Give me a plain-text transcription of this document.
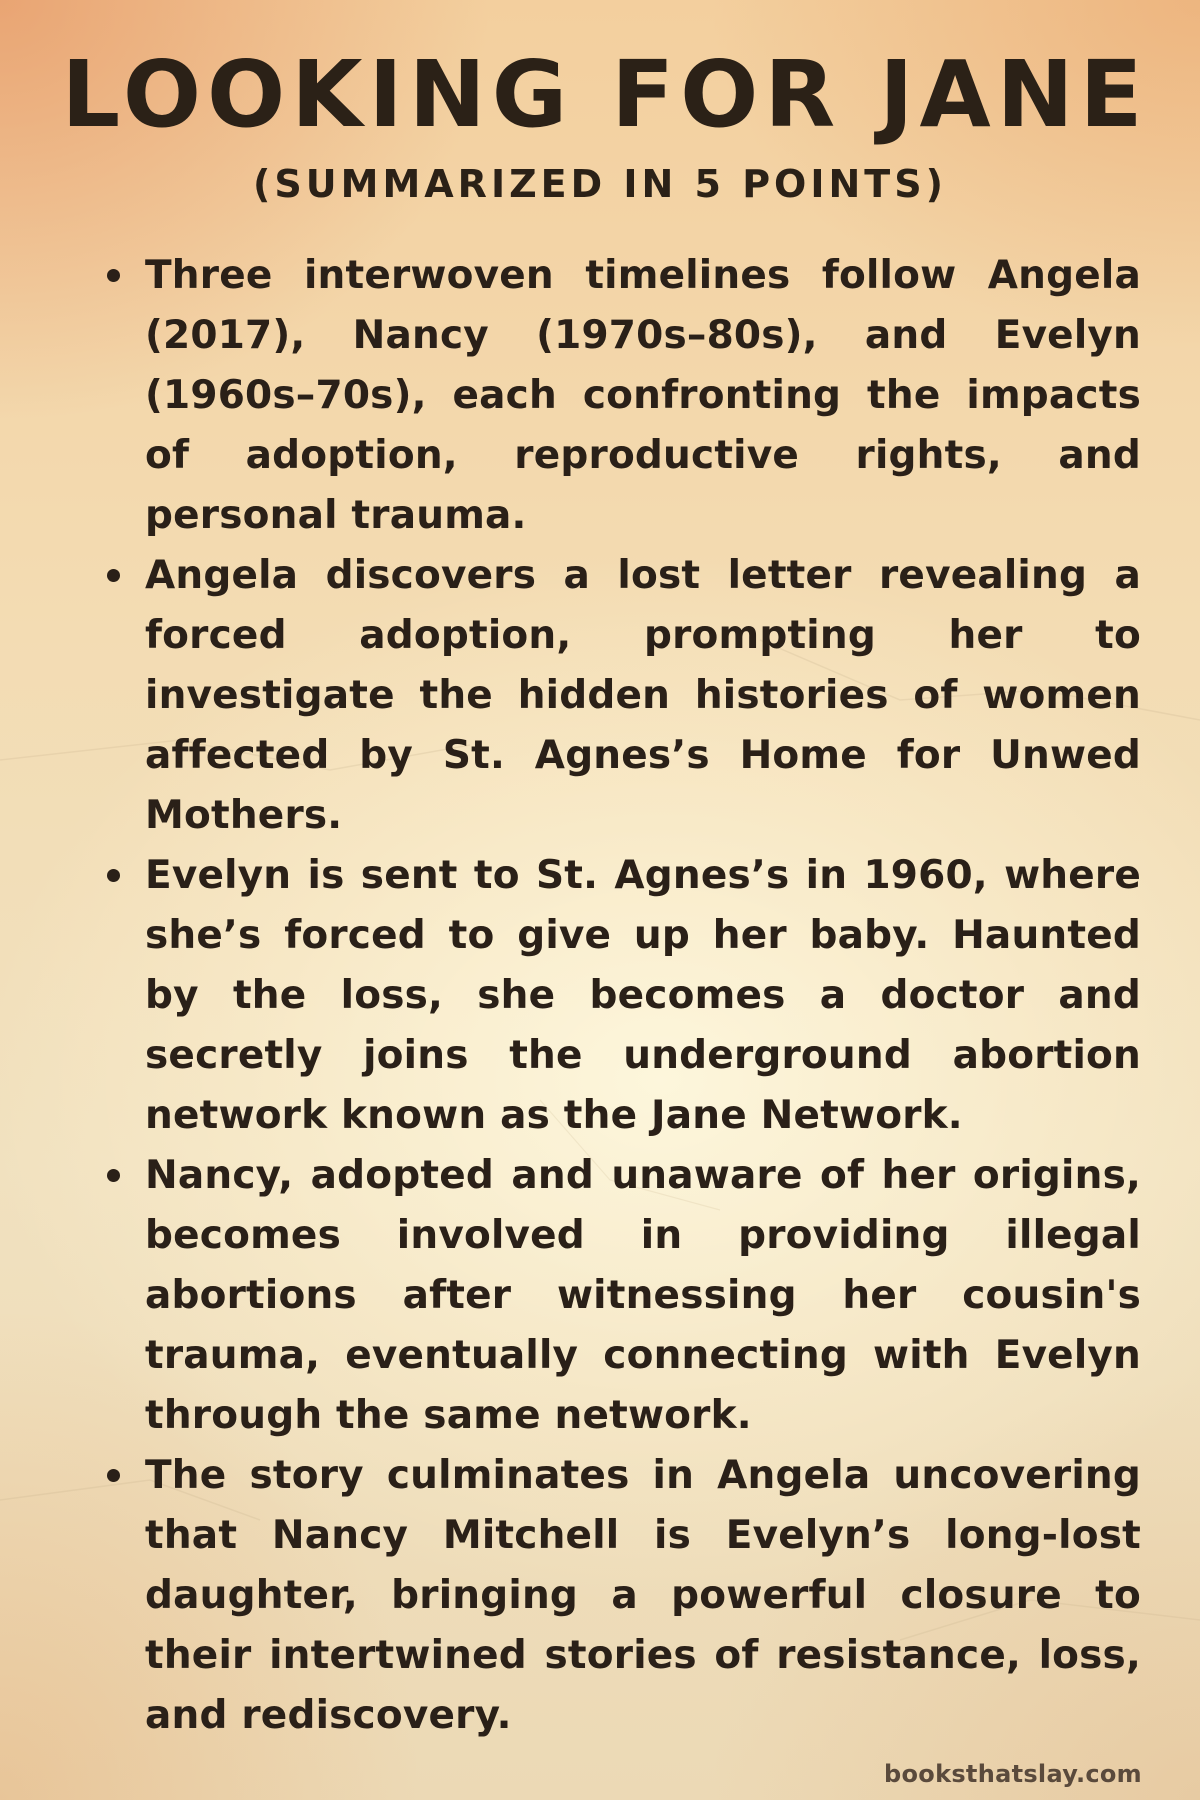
LOOKING FOR JANE
(SUMMARIZED IN 5 POINTS)
Three interwoven timelines follow Angela (2017), Nancy (1970s–80s), and Evelyn (1960s–70s), each confronting the impacts of adoption, reproductive rights, and personal trauma.
Angela discovers a lost letter revealing a forced adoption, prompting her to investigate the hidden histories of women affected by St. Agnes’s Home for Unwed Mothers.
Evelyn is sent to St. Agnes’s in 1960, where she’s forced to give up her baby. Haunted by the loss, she becomes a doctor and secretly joins the underground abortion network known as the Jane Network.
Nancy, adopted and unaware of her origins, becomes involved in providing illegal abortions after witnessing her cousin's trauma, eventually connecting with Evelyn through the same network.
The story culminates in Angela uncovering that Nancy Mitchell is Evelyn’s long-lost daughter, bringing a powerful closure to their intertwined stories of resistance, loss, and rediscovery.
booksthatslay.com
